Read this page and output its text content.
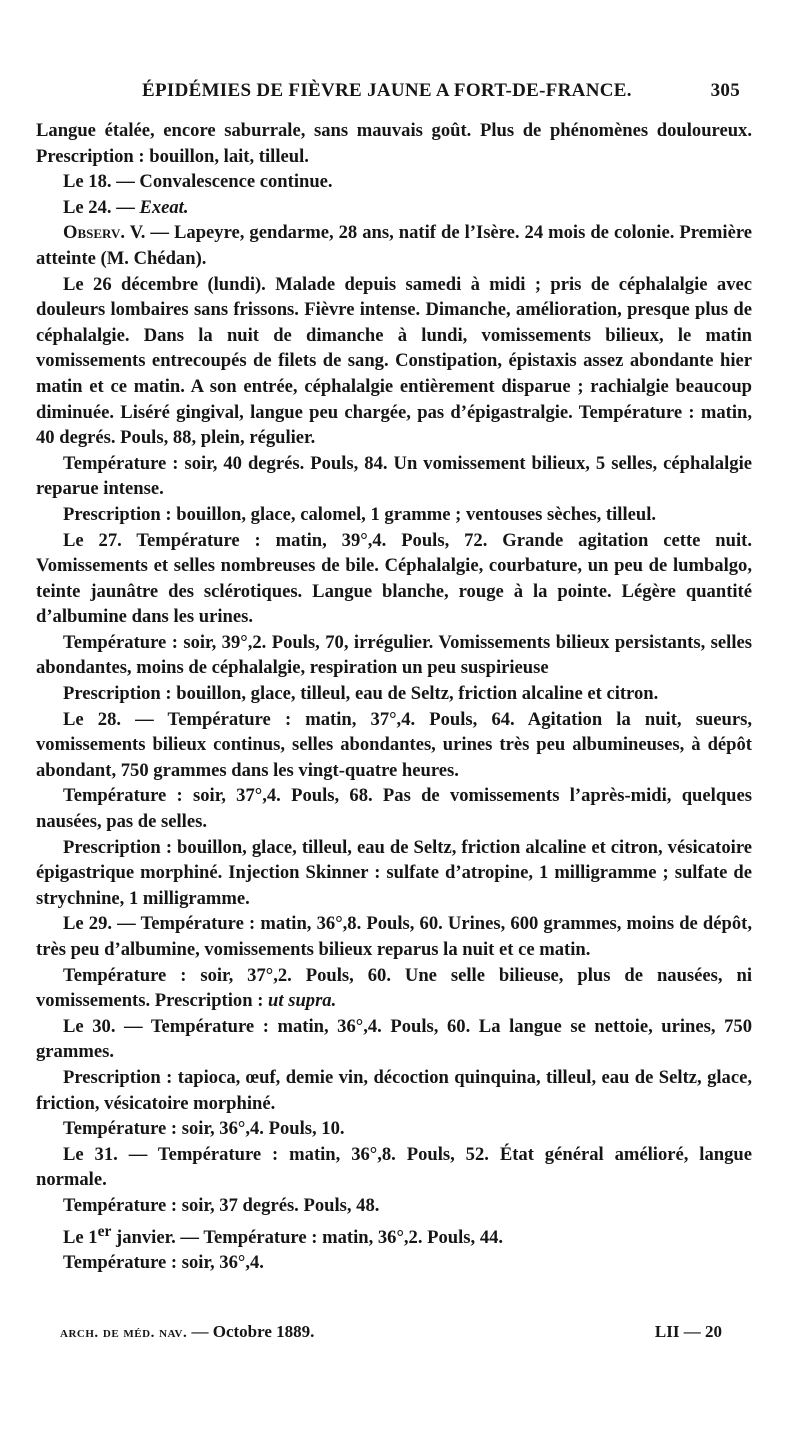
ÉPIDÉMIES DE FIÈVRE JAUNE A FORT-DE-FRANCE.	305

Langue étalée, encore saburrale, sans mauvais goût. Plus de phénomènes douloureux. Prescription : bouillon, lait, tilleul.

Le 18. — Convalescence continue.

Le 24. — Exeat.

Observ. V. — Lapeyre, gendarme, 28 ans, natif de l’Isère. 24 mois de colonie. Première atteinte (M. Chédan).

Le 26 décembre (lundi). Malade depuis samedi à midi ; pris de céphalalgie avec douleurs lombaires sans frissons. Fièvre intense. Dimanche, amélioration, presque plus de céphalalgie. Dans la nuit de dimanche à lundi, vomissements bilieux, le matin vomissements entrecoupés de filets de sang. Constipation, épistaxis assez abondante hier matin et ce matin. A son entrée, céphalalgie entièrement disparue ; rachialgie beaucoup diminuée. Liséré gingival, langue peu chargée, pas d’épigastralgie. Température : matin, 40 degrés. Pouls, 88, plein, régulier.

Température : soir, 40 degrés. Pouls, 84. Un vomissement bilieux, 5 selles, céphalalgie reparue intense.

Prescription : bouillon, glace, calomel, 1 gramme ; ventouses sèches, tilleul.

Le 27. Température : matin, 39°,4. Pouls, 72. Grande agitation cette nuit. Vomissements et selles nombreuses de bile. Céphalalgie, courbature, un peu de lumbalgo, teinte jaunâtre des sclérotiques. Langue blanche, rouge à la pointe. Légère quantité d’albumine dans les urines.

Température : soir, 39°,2. Pouls, 70, irrégulier. Vomissements bilieux persistants, selles abondantes, moins de céphalalgie, respiration un peu suspirieuse

Prescription : bouillon, glace, tilleul, eau de Seltz, friction alcaline et citron.

Le 28. — Température : matin, 37°,4. Pouls, 64. Agitation la nuit, sueurs, vomissements bilieux continus, selles abondantes, urines très peu albumineuses, à dépôt abondant, 750 grammes dans les vingt-quatre heures.

Température : soir, 37°,4. Pouls, 68. Pas de vomissements l’après-midi, quelques nausées, pas de selles.

Prescription : bouillon, glace, tilleul, eau de Seltz, friction alcaline et citron, vésicatoire épigastrique morphiné. Injection Skinner : sulfate d’atropine, 1 milligramme ; sulfate de strychnine, 1 milligramme.

Le 29. — Température : matin, 36°,8. Pouls, 60. Urines, 600 grammes, moins de dépôt, très peu d’albumine, vomissements bilieux reparus la nuit et ce matin.

Température : soir, 37°,2. Pouls, 60. Une selle bilieuse, plus de nausées, ni vomissements. Prescription : ut supra.

Le 30. — Température : matin, 36°,4. Pouls, 60. La langue se nettoie, urines, 750 grammes.

Prescription : tapioca, œuf, demie vin, décoction quinquina, tilleul, eau de Seltz, glace, friction, vésicatoire morphiné.

Température : soir, 36°,4. Pouls, 10.

Le 31. — Température : matin, 36°,8. Pouls, 52. État général amélioré, langue normale.

Température : soir, 37 degrés. Pouls, 48.

Le 1er janvier. — Température : matin, 36°,2. Pouls, 44.

Température : soir, 36°,4.

arch. de méd. nav. — Octobre 1889.	LII — 20
